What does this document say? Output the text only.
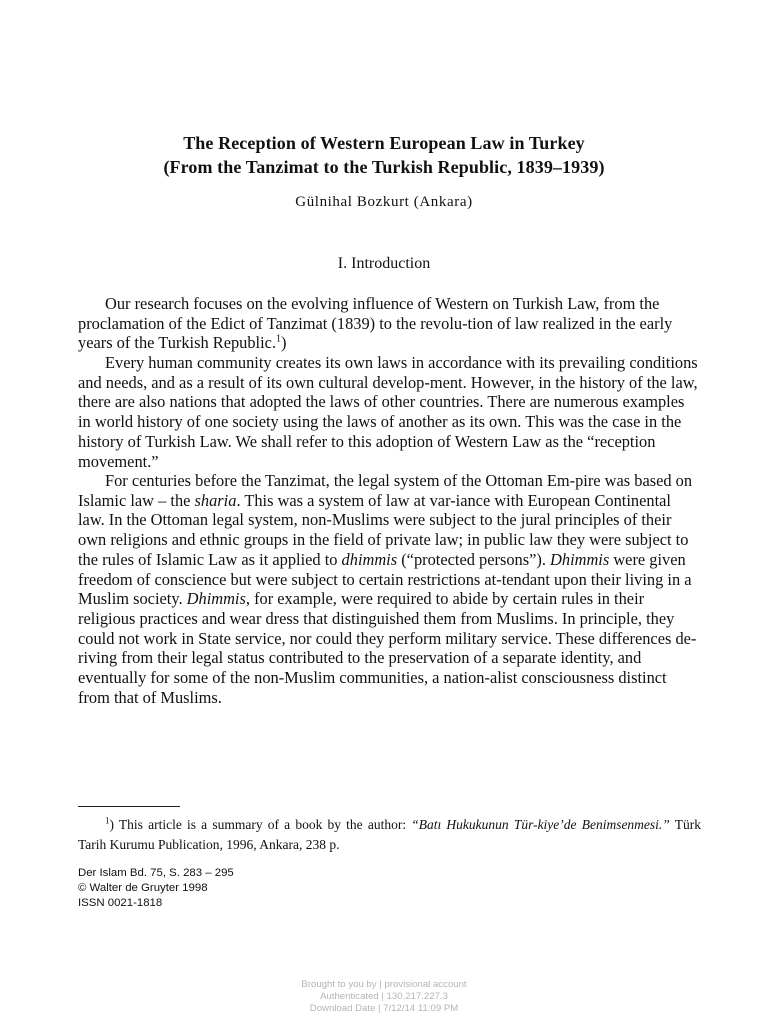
The Reception of Western European Law in Turkey
(From the Tanzimat to the Turkish Republic, 1839–1939)
Gülnihal Bozkurt (Ankara)
I. Introduction

Our research focuses on the evolving influence of Western on Turkish Law, from the proclamation of the Edict of Tanzimat (1839) to the revolu-tion of law realized in the early years of the Turkish Republic.$^1$)

Every human community creates its own laws in accordance with its prevailing conditions and needs, and as a result of its own cultural develop-ment. However, in the history of the law, there are also nations that adopted the laws of other countries. There are numerous examples in world history of one society using the laws of another as its own. This was the case in the history of Turkish Law. We shall refer to this adoption of Western Law as the “reception movement.”

For centuries before the Tanzimat, the legal system of the Ottoman Em-pire was based on Islamic law – the sharia. This was a system of law at var-iance with European Continental law. In the Ottoman legal system, non-Muslims were subject to the jural principles of their own religions and ethnic groups in the field of private law; in public law they were subject to the rules of Islamic Law as it applied to dhimmis (“protected persons”). Dhimmis were given freedom of conscience but were subject to certain restrictions at-tendant upon their living in a Muslim society. Dhimmis, for example, were required to abide by certain rules in their religious practices and wear dress that distinguished them from Muslims. In principle, they could not work in State service, nor could they perform military service. These differences de-riving from their legal status contributed to the preservation of a separate identity, and eventually for some of the non-Muslim communities, a nation-alist consciousness distinct from that of Muslims.

$^1$) This article is a summary of a book by the author: “Batı Hukukunun Tür-kiye’de Benimsenmesi.” Türk Tarih Kurumu Publication, 1996, Ankara, 238 p.

Der Islam Bd. 75, S. 283 – 295
© Walter de Gruyter 1998
ISSN 0021-1818
Brought to you by | provisional account
Authenticated | 130.217.227.3
Download Date | 7/12/14 11:09 PM
